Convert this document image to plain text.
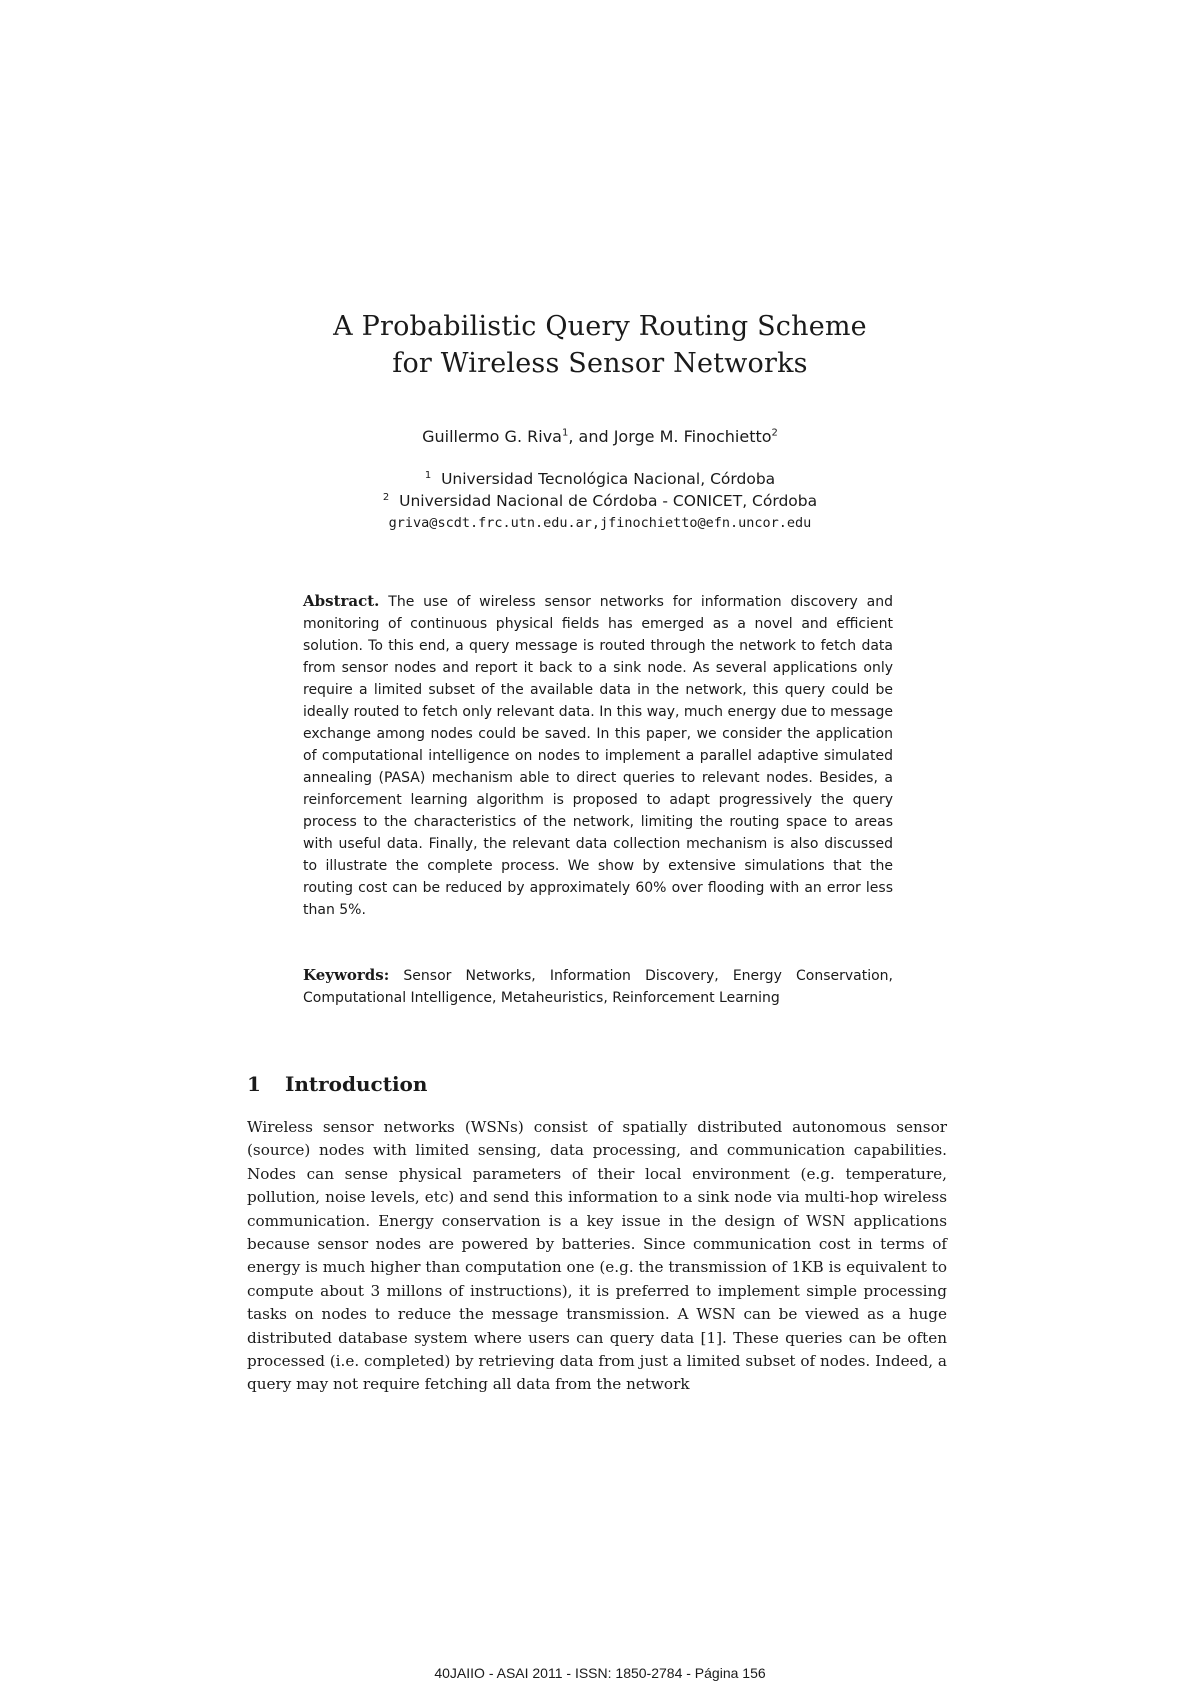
A Probabilistic Query Routing Scheme
for Wireless Sensor Networks
Guillermo G. Riva$^1$, and Jorge M. Finochietto$^2$
$^1$ Universidad Tecnológica Nacional, Córdoba
$^2$ Universidad Nacional de Córdoba - CONICET, Córdoba
griva@scdt.frc.utn.edu.ar,jfinochietto@efn.uncor.edu
Abstract. The use of wireless sensor networks for information discovery and monitoring of continuous physical fields has emerged as a novel and efficient solution. To this end, a query message is routed through the network to fetch data from sensor nodes and report it back to a sink node. As several applications only require a limited subset of the available data in the network, this query could be ideally routed to fetch only relevant data. In this way, much energy due to message exchange among nodes could be saved. In this paper, we consider the application of computational intelligence on nodes to implement a parallel adaptive simulated annealing (PASA) mechanism able to direct queries to relevant nodes. Besides, a reinforcement learning algorithm is proposed to adapt progressively the query process to the characteristics of the network, limiting the routing space to areas with useful data. Finally, the relevant data collection mechanism is also discussed to illustrate the complete process. We show by extensive simulations that the routing cost can be reduced by approximately 60% over flooding with an error less than 5%.
Keywords: Sensor Networks, Information Discovery, Energy Conservation, Computational Intelligence, Metaheuristics, Reinforcement Learning
1 Introduction
Wireless sensor networks (WSNs) consist of spatially distributed autonomous sensor (source) nodes with limited sensing, data processing, and communication capabilities. Nodes can sense physical parameters of their local environment (e.g. temperature, pollution, noise levels, etc) and send this information to a sink node via multi-hop wireless communication. Energy conservation is a key issue in the design of WSN applications because sensor nodes are powered by batteries. Since communication cost in terms of energy is much higher than computation one (e.g. the transmission of 1KB is equivalent to compute about 3 millons of instructions), it is preferred to implement simple processing tasks on nodes to reduce the message transmission. A WSN can be viewed as a huge distributed database system where users can query data [1]. These queries can be often processed (i.e. completed) by retrieving data from just a limited subset of nodes. Indeed, a query may not require fetching all data from the network
40JAIIO - ASAI 2011 - ISSN: 1850-2784 - Página 156
